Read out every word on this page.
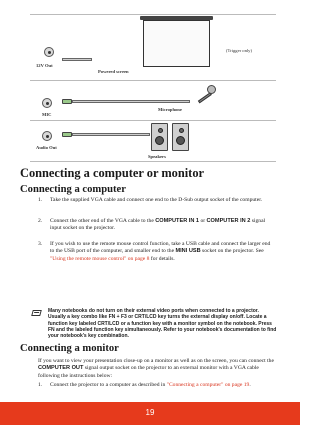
12V Out
Powered screen
(Trigger only)
MIC
Microphone
Audio Out
Speakers
Connecting a computer or monitor
Connecting a computer
1. Take the supplied VGA cable and connect one end to the D-Sub output socket of the computer.
2. Connect the other end of the VGA cable to the COMPUTER IN 1 or COMPUTER IN 2 signal input socket on the projector.
3. If you wish to use the remote mouse control function, take a USB cable and connect the larger end to the USB port of the computer, and smaller end to the MINI USB socket on the projector. See "Using the remote mouse control" on page 8 for details.
Many notebooks do not turn on their external video ports when connected to a projector. Usually a key combo like FN + F3 or CRT/LCD key turns the external display on/off. Locate a function key labeled CRT/LCD or a function key with a monitor symbol on the notebook. Press FN and the labeled function key simultaneously. Refer to your notebook's documentation to find your notebook's key combination.
Connecting a monitor
If you want to view your presentation close-up on a monitor as well as on the screen, you can connect the COMPUTER OUT signal output socket on the projector to an external monitor with a VGA cable following the instructions below:
1. Connect the projector to a computer as described in "Connecting a computer" on page 19.
19
